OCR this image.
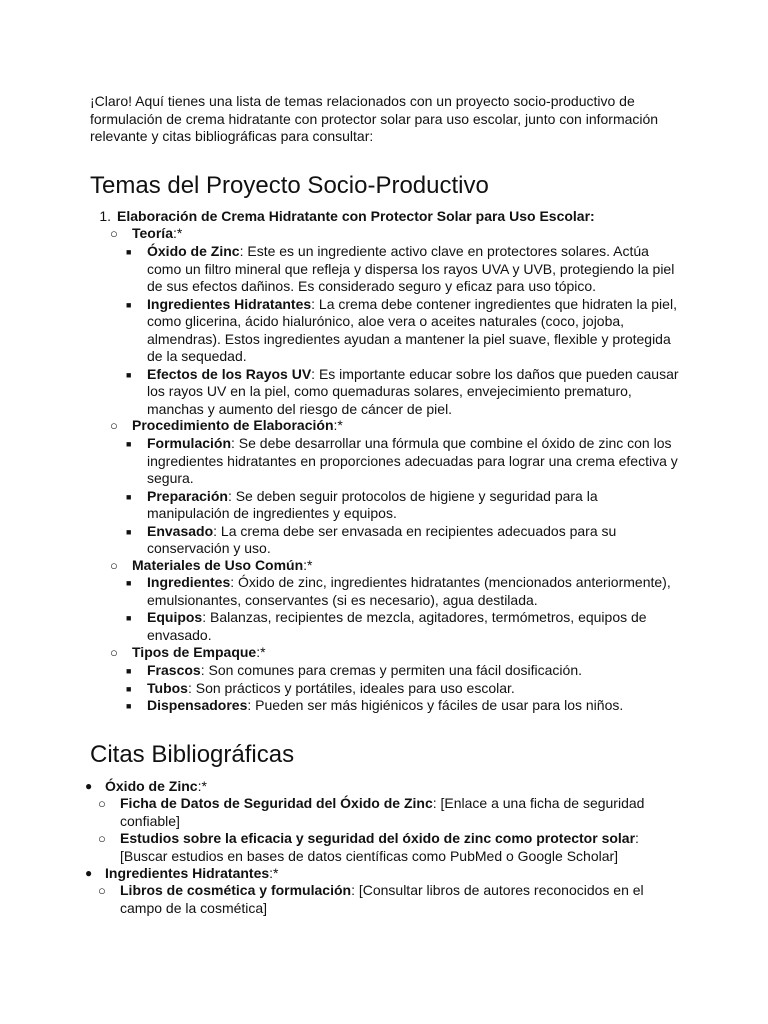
¡Claro! Aquí tienes una lista de temas relacionados con un proyecto socio-productivo de formulación de crema hidratante con protector solar para uso escolar, junto con información relevante y citas bibliográficas para consultar:

Temas del Proyecto Socio-Productivo
1. Elaboración de Crema Hidratante con Protector Solar para Uso Escolar:
○ Teoría:*
■ Óxido de Zinc: Este es un ingrediente activo clave en protectores solares. Actúa como un filtro mineral que refleja y dispersa los rayos UVA y UVB, protegiendo la piel de sus efectos dañinos. Es considerado seguro y eficaz para uso tópico.
■ Ingredientes Hidratantes: La crema debe contener ingredientes que hidraten la piel, como glicerina, ácido hialurónico, aloe vera o aceites naturales (coco, jojoba, almendras). Estos ingredientes ayudan a mantener la piel suave, flexible y protegida de la sequedad.
■ Efectos de los Rayos UV: Es importante educar sobre los daños que pueden causar los rayos UV en la piel, como quemaduras solares, envejecimiento prematuro, manchas y aumento del riesgo de cáncer de piel.
○ Procedimiento de Elaboración:*
■ Formulación: Se debe desarrollar una fórmula que combine el óxido de zinc con los ingredientes hidratantes en proporciones adecuadas para lograr una crema efectiva y segura.
■ Preparación: Se deben seguir protocolos de higiene y seguridad para la manipulación de ingredientes y equipos.
■ Envasado: La crema debe ser envasada en recipientes adecuados para su conservación y uso.
○ Materiales de Uso Común:*
■ Ingredientes: Óxido de zinc, ingredientes hidratantes (mencionados anteriormente), emulsionantes, conservantes (si es necesario), agua destilada.
■ Equipos: Balanzas, recipientes de mezcla, agitadores, termómetros, equipos de envasado.
○ Tipos de Empaque:*
■ Frascos: Son comunes para cremas y permiten una fácil dosificación.
■ Tubos: Son prácticos y portátiles, ideales para uso escolar.
■ Dispensadores: Pueden ser más higiénicos y fáciles de usar para los niños.
Citas Bibliográficas
● Óxido de Zinc:*
○ Ficha de Datos de Seguridad del Óxido de Zinc: [Enlace a una ficha de seguridad confiable]
○ Estudios sobre la eficacia y seguridad del óxido de zinc como protector solar: [Buscar estudios en bases de datos científicas como PubMed o Google Scholar]
● Ingredientes Hidratantes:*
○ Libros de cosmética y formulación: [Consultar libros de autores reconocidos en el campo de la cosmética]
